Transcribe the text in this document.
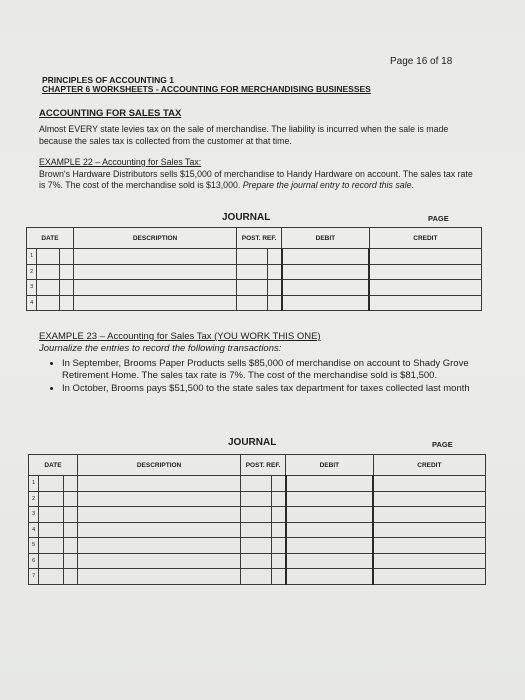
Page 16 of 18
PRINCIPLES OF ACCOUNTING 1
CHAPTER 6 WORKSHEETS - ACCOUNTING FOR MERCHANDISING BUSINESSES
ACCOUNTING FOR SALES TAX
Almost EVERY state levies tax on the sale of merchandise. The liability is incurred when the sale is made because the sales tax is collected from the customer at that time.
EXAMPLE 22 – Accounting for Sales Tax:
Brown's Hardware Distributors sells $15,000 of merchandise to Handy Hardware on account. The sales tax rate is 7%. The cost of the merchandise sold is $13,000. Prepare the journal entry to record this sale.
JOURNAL	PAGE
DATE			DESCRIPTION	POST. REF.		DEBIT	CREDIT
1							
2							
3							
4							
EXAMPLE 23 – Accounting for Sales Tax (YOU WORK THIS ONE)
Journalize the entries to record the following transactions:
• In September, Brooms Paper Products sells $85,000 of merchandise on account to Shady Grove Retirement Home. The sales tax rate is 7%. The cost of the merchandise sold is $81,500.
• In October, Brooms pays $51,500 to the state sales tax department for taxes collected last month
JOURNAL	PAGE
DATE			DESCRIPTION	POST. REF.		DEBIT	CREDIT
1							
2							
3							
4							
5							
6							
7							
